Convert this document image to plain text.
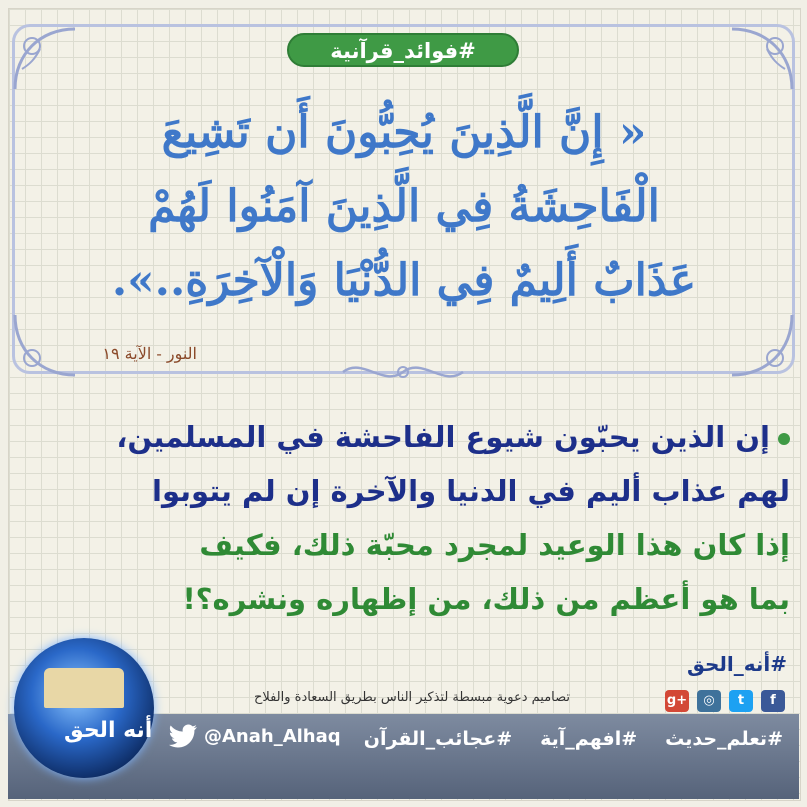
#فوائد_قرآنية
« إِنَّ الَّذِينَ يُحِبُّونَ أَن تَشِيعَ
الْفَاحِشَةُ فِي الَّذِينَ آمَنُوا لَهُمْ
عَذَابٌ أَلِيمٌ فِي الدُّنْيَا وَالْآخِرَةِ..».
النور - الآية ١٩
إن الذين يحبّون شيوع الفاحشة في المسلمين،
لهم عذاب أليم في الدنيا والآخرة إن لم يتوبوا
إذا كان هذا الوعيد لمجرد محبّة ذلك، فكيف
بما هو أعظم من ذلك، من إظهاره ونشره؟!
#أنه_الحق
تصاميم دعوية مبسطة لتذكير الناس بطريق السعادة والفلاح	g+	◎	t	f
@Anah_Alhaq	#تعلم_حديث
#افهم_آية
#عجائب_القرآن
أنه الحق
